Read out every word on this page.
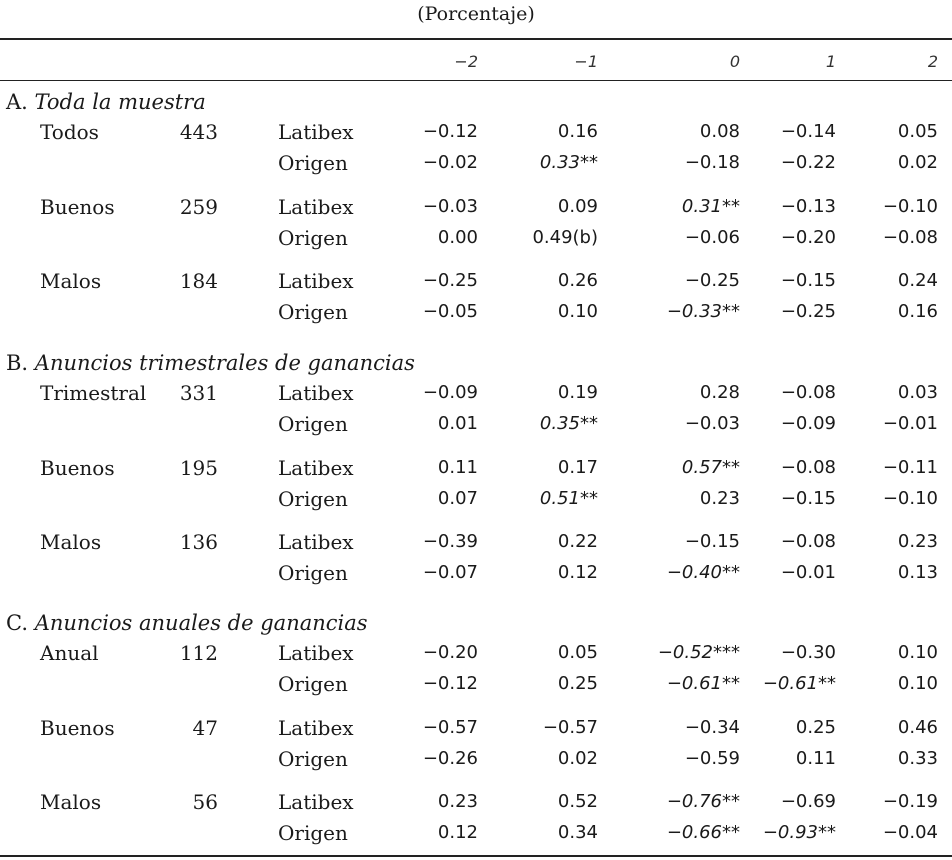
(Porcentaje)
−2	−1	0	1	2
A. Toda la muestra
Todos	443	Latibex	−0.12	0.16	0.08	−0.14	0.05
Origen	−0.02	0.33**	−0.18	−0.22	0.02
Buenos	259	Latibex	−0.03	0.09	0.31**	−0.13	−0.10
Origen	0.00	0.49(b)	−0.06	−0.20	−0.08
Malos	184	Latibex	−0.25	0.26	−0.25	−0.15	0.24
Origen	−0.05	0.10	−0.33**	−0.25	0.16
B. Anuncios trimestrales de ganancias
Trimestral	331	Latibex	−0.09	0.19	0.28	−0.08	0.03
Origen	0.01	0.35**	−0.03	−0.09	−0.01
Buenos	195	Latibex	0.11	0.17	0.57**	−0.08	−0.11
Origen	0.07	0.51**	0.23	−0.15	−0.10
Malos	136	Latibex	−0.39	0.22	−0.15	−0.08	0.23
Origen	−0.07	0.12	−0.40**	−0.01	0.13
C. Anuncios anuales de ganancias
Anual	112	Latibex	−0.20	0.05	−0.52***	−0.30	0.10
Origen	−0.12	0.25	−0.61** −0.61**	0.10
Buenos	47	Latibex	−0.57	−0.57	−0.34	0.25	0.46
Origen	−0.26	0.02	−0.59	0.11	0.33
Malos	56	Latibex	0.23	0.52	−0.76**	−0.69	−0.19
Origen	0.12	0.34	−0.66** −0.93**	−0.04
